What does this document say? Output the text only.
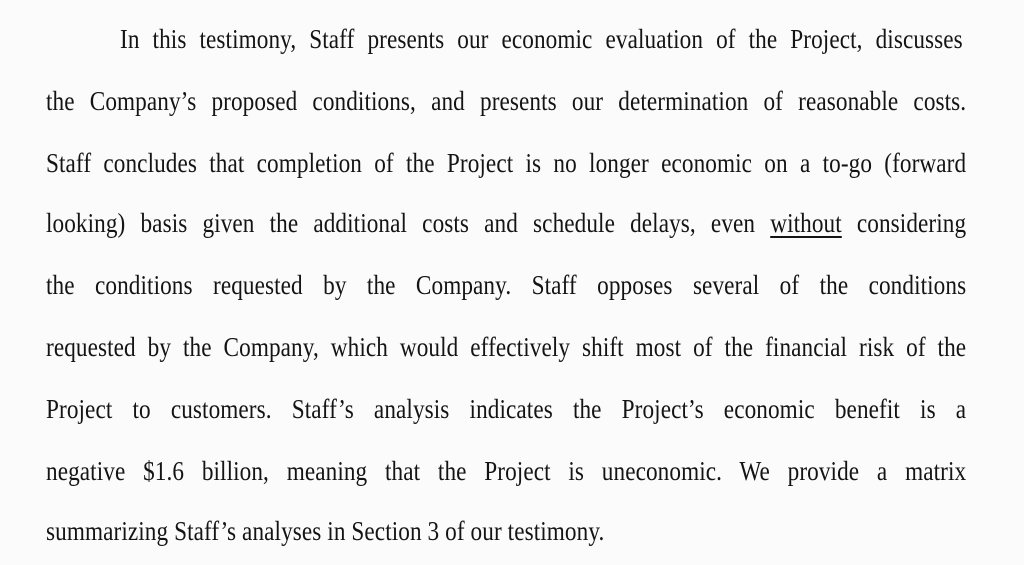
In this testimony, Staff presents our economic evaluation of the Project, discusses
the Company’s proposed conditions, and presents our determination of reasonable costs.
Staff concludes that completion of the Project is no longer economic on a to-go (forward
looking) basis given the additional costs and schedule delays, even without considering
the conditions requested by the Company. Staff opposes several of the conditions
requested by the Company, which would effectively shift most of the financial risk of the
Project to customers. Staff’s analysis indicates the Project’s economic benefit is a
negative $1.6 billion, meaning that the Project is uneconomic. We provide a matrix
summarizing Staff’s analyses in Section 3 of our testimony.
